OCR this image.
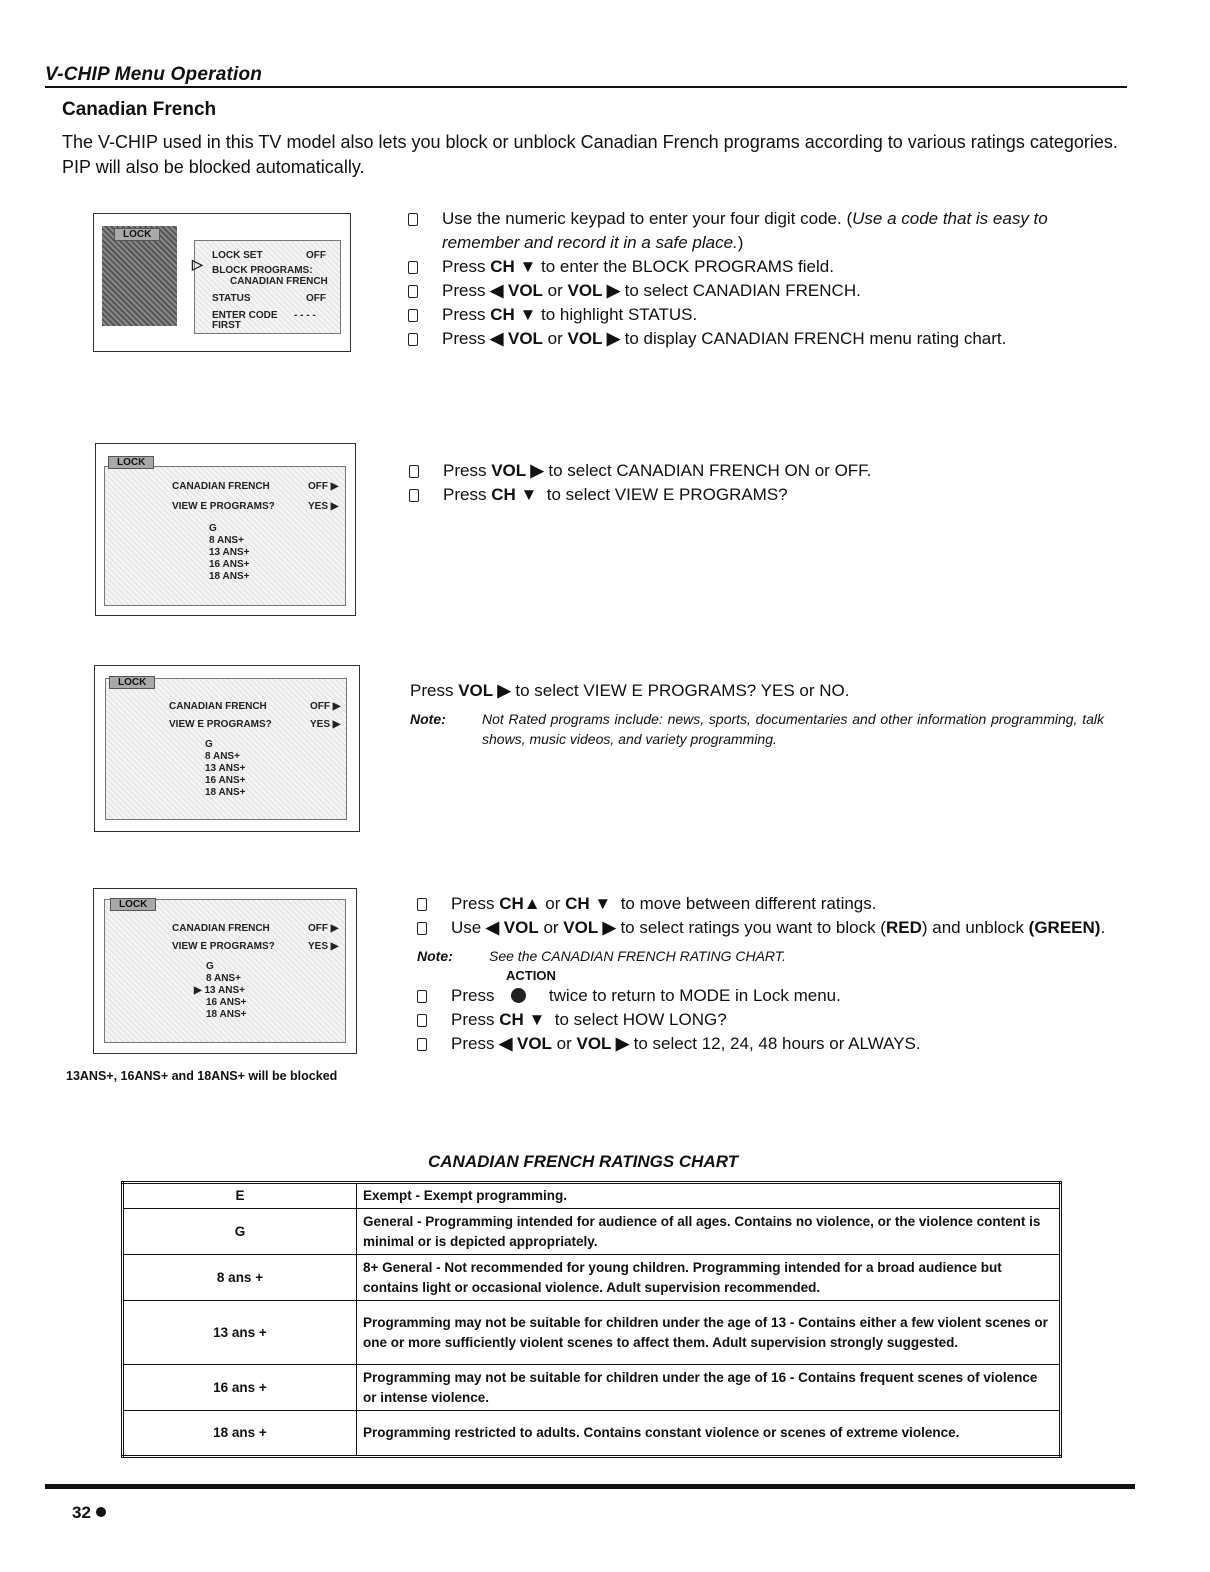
V-CHIP Menu Operation
Canadian French
The V-CHIP used in this TV model also lets you block or unblock Canadian French programs according to various ratings categories. PIP will also be blocked automatically.
LOCK
▷
LOCK SET	OFF
BLOCK PROGRAMS:
CANADIAN FRENCH
STATUS	OFF
ENTER CODE - - - -
FIRST
Use the numeric keypad to enter your four digit code. (Use a code that is easy to remember and record it in a safe place.)
Press CH ▼ to enter the BLOCK PROGRAMS field.
Press ◀ VOL or VOL ▶ to select CANADIAN FRENCH.
Press CH ▼ to highlight STATUS.
Press ◀ VOL or VOL ▶ to display CANADIAN FRENCH menu rating chart.
LOCK
CANADIAN FRENCH	OFF ▶
VIEW E PROGRAMS?	YES ▶
G
8 ANS+
13 ANS+
16 ANS+
18 ANS+
Press VOL ▶ to select CANADIAN FRENCH ON or OFF.
Press CH ▼  to select VIEW E PROGRAMS?
LOCK
CANADIAN FRENCH	OFF ▶
VIEW E PROGRAMS?	YES ▶
G
8 ANS+
13 ANS+
16 ANS+
18 ANS+
Press VOL ▶ to select VIEW E PROGRAMS? YES or NO.
Note:	Not Rated programs include: news, sports, documentaries and other information programming, talk shows, music videos, and variety programming.
LOCK
CANADIAN FRENCH	OFF ▶
VIEW E PROGRAMS?	YES ▶
G
8 ANS+
▶ 13 ANS+
16 ANS+
18 ANS+
13ANS+, 16ANS+ and 18ANS+ will be blocked
Press CH▲ or CH ▼  to move between different ratings.
Use ◀ VOL or VOL ▶ to select ratings you want to block (RED) and unblock (GREEN).
Note:	See the CANADIAN FRENCH RATING CHART.
ACTION
Press	twice to return to MODE in Lock menu.
Press CH ▼  to select HOW LONG?
Press ◀ VOL or VOL ▶ to select 12, 24, 48 hours or ALWAYS.
CANADIAN FRENCH RATINGS CHART
E	Exempt - Exempt programming.
G	General - Programming intended for audience of all ages. Contains no violence, or the violence content is minimal or is depicted appropriately.
8 ans +	8+ General - Not recommended for young children. Programming intended for a broad audience but contains light or occasional violence. Adult supervision recommended.
13 ans +	Programming may not be suitable for children under the age of 13 - Contains either a few violent scenes or one or more sufficiently violent scenes to affect them. Adult supervision strongly suggested.
16 ans +	Programming may not be suitable for children under the age of 16 - Contains frequent scenes of violence or intense violence.
18 ans +	Programming restricted to adults. Contains constant violence or scenes of extreme violence.
32
